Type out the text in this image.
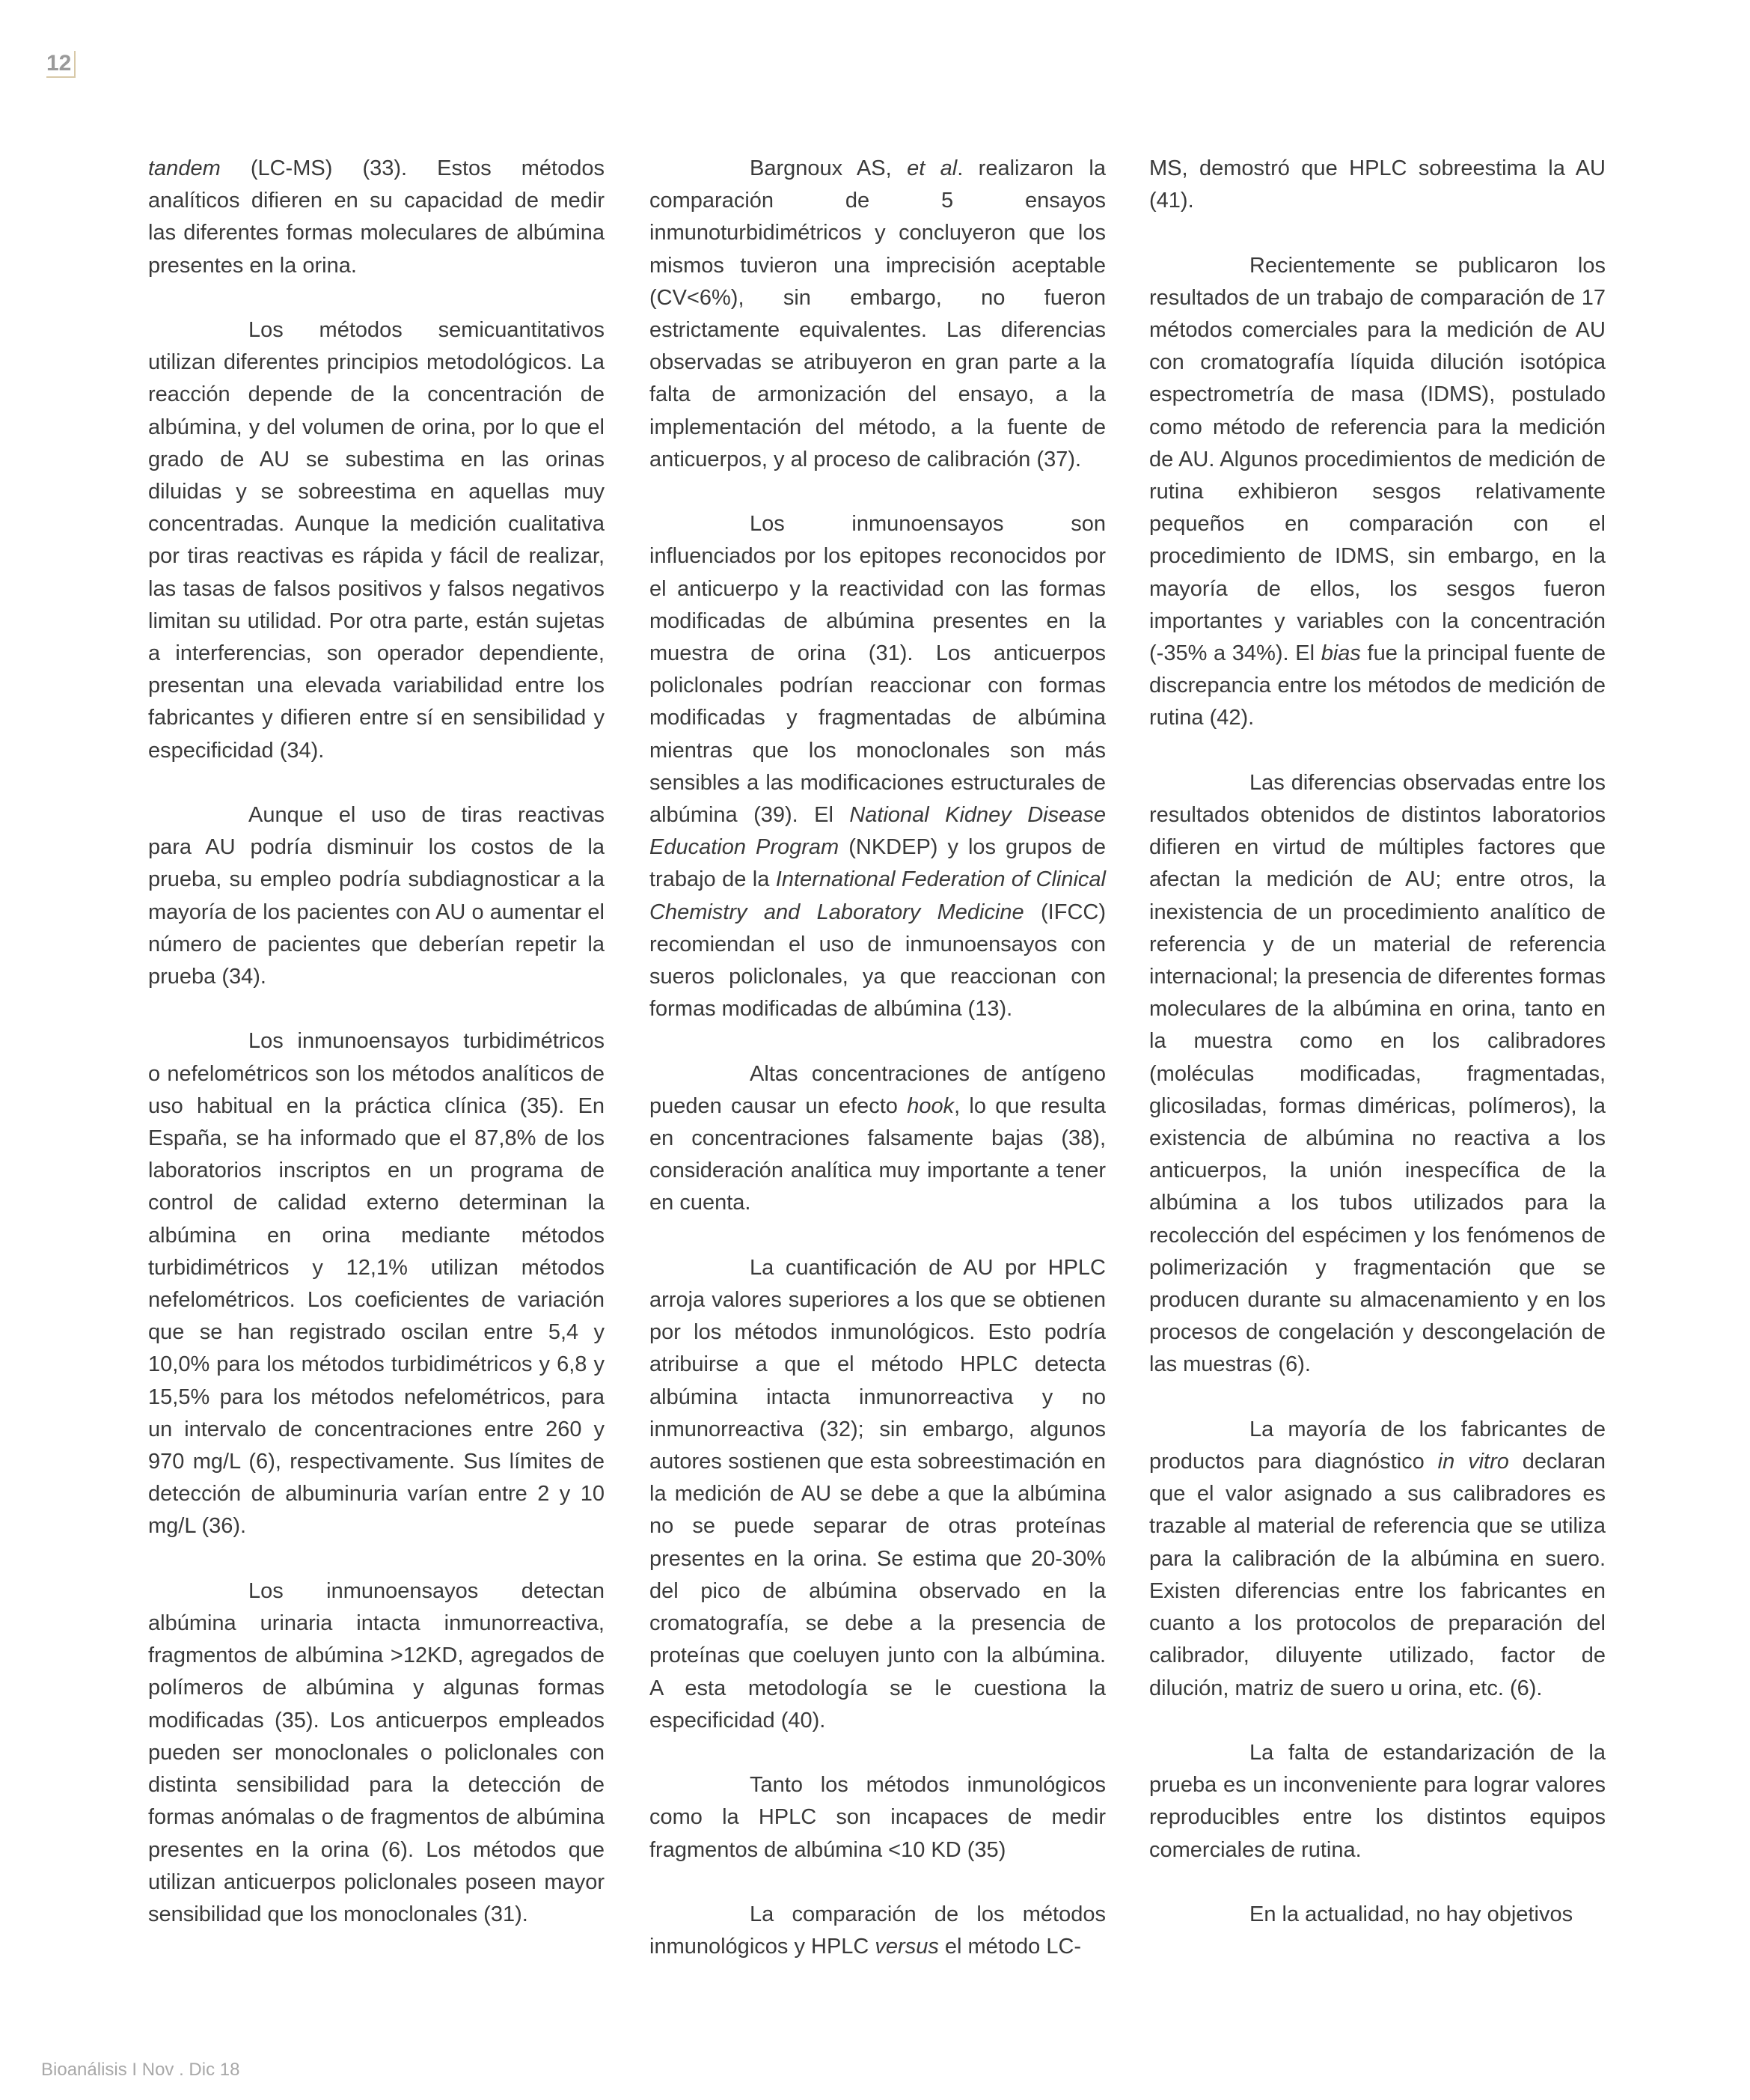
12

tandem (LC-MS) (33). Estos métodos analíticos difieren en su capacidad de medir las diferentes formas moleculares de albúmina presentes en la orina.

Los métodos semicuantitativos utilizan diferentes principios metodológicos. La reacción depende de la concentración de albúmina, y del volumen de orina, por lo que el grado de AU se subestima en las orinas diluidas y se sobreestima en aquellas muy concentradas. Aunque la medición cualitativa por tiras reactivas es rápida y fácil de realizar, las tasas de falsos positivos y falsos negativos limitan su utilidad. Por otra parte, están sujetas a interferencias, son operador dependiente, presentan una elevada variabilidad entre los fabricantes y difieren entre sí en sensibilidad y especificidad (34).

Aunque el uso de tiras reactivas para AU podría disminuir los costos de la prueba, su empleo podría subdiagnosticar a la mayoría de los pacientes con AU o aumentar el número de pacientes que deberían repetir la prueba (34).

Los inmunoensayos turbidimétricos o nefelométricos son los métodos analíticos de uso habitual en la práctica clínica (35). En España, se ha informado que el 87,8% de los laboratorios inscriptos en un programa de control de calidad externo determinan la albúmina en orina mediante métodos turbidimétricos y 12,1% utilizan métodos nefelométricos. Los coeficientes de variación que se han registrado oscilan entre 5,4 y 10,0% para los métodos turbidimétricos y 6,8 y 15,5% para los métodos nefelométricos, para un intervalo de concentraciones entre 260 y 970 mg/L (6), respectivamente. Sus límites de detección de albuminuria varían entre 2 y 10 mg/L (36).

Los inmunoensayos detectan albúmina urinaria intacta inmunorreactiva, fragmentos de albúmina >12KD, agregados de polímeros de albúmina y algunas formas modificadas (35). Los anticuerpos empleados pueden ser monoclonales o policlonales con distinta sensibilidad para la detección de formas anómalas o de fragmentos de albúmina presentes en la orina (6). Los métodos que utilizan anticuerpos policlonales poseen mayor sensibilidad que los monoclonales (31).

Bargnoux AS, et al. realizaron la comparación de 5 ensayos inmunoturbidimétricos y concluyeron que los mismos tuvieron una imprecisión aceptable (CV<6%), sin embargo, no fueron estrictamente equivalentes. Las diferencias observadas se atribuyeron en gran parte a la falta de armonización del ensayo, a la implementación del método, a la fuente de anticuerpos, y al proceso de calibración (37).

Los inmunoensayos son influenciados por los epitopes reconocidos por el anticuerpo y la reactividad con las formas modificadas de albúmina presentes en la muestra de orina (31). Los anticuerpos policlonales podrían reaccionar con formas modificadas y fragmentadas de albúmina mientras que los monoclonales son más sensibles a las modificaciones estructurales de albúmina (39). El National Kidney Disease Education Program (NKDEP) y los grupos de trabajo de la International Federation of Clinical Chemistry and Laboratory Medicine (IFCC) recomiendan el uso de inmunoensayos con sueros policlonales, ya que reaccionan con formas modificadas de albúmina (13).

Altas concentraciones de antígeno pueden causar un efecto hook, lo que resulta en concentraciones falsamente bajas (38), consideración analítica muy importante a tener en cuenta.

La cuantificación de AU por HPLC arroja valores superiores a los que se obtienen por los métodos inmunológicos. Esto podría atribuirse a que el método HPLC detecta albúmina intacta inmunorreactiva y no inmunorreactiva (32); sin embargo, algunos autores sostienen que esta sobreestimación en la medición de AU se debe a que la albúmina no se puede separar de otras proteínas presentes en la orina. Se estima que 20-30% del pico de albúmina observado en la cromatografía, se debe a la presencia de proteínas que coeluyen junto con la albúmina. A esta metodología se le cuestiona la especificidad (40).

Tanto los métodos inmunológicos como la HPLC son incapaces de medir fragmentos de albúmina <10 KD (35)

La comparación de los métodos inmunológicos y HPLC versus el método LC-

MS, demostró que HPLC sobreestima la AU (41).

Recientemente se publicaron los resultados de un trabajo de comparación de 17 métodos comerciales para la medición de AU con cromatografía líquida dilución isotópica espectrometría de masa (IDMS), postulado como método de referencia para la medición de AU. Algunos procedimientos de medición de rutina exhibieron sesgos relativamente pequeños en comparación con el procedimiento de IDMS, sin embargo, en la mayoría de ellos, los sesgos fueron importantes y variables con la concentración (-35% a 34%). El bias fue la principal fuente de discrepancia entre los métodos de medición de rutina (42).

Las diferencias observadas entre los resultados obtenidos de distintos laboratorios difieren en virtud de múltiples factores que afectan la medición de AU; entre otros, la inexistencia de un procedimiento analítico de referencia y de un material de referencia internacional; la presencia de diferentes formas moleculares de la albúmina en orina, tanto en la muestra como en los calibradores (moléculas modificadas, fragmentadas, glicosiladas, formas diméricas, polímeros), la existencia de albúmina no reactiva a los anticuerpos, la unión inespecífica de la albúmina a los tubos utilizados para la recolección del espécimen y los fenómenos de polimerización y fragmentación que se producen durante su almacenamiento y en los procesos de congelación y descongelación de las muestras (6).

La mayoría de los fabricantes de productos para diagnóstico in vitro declaran que el valor asignado a sus calibradores es trazable al material de referencia que se utiliza para la calibración de la albúmina en suero. Existen diferencias entre los fabricantes en cuanto a los protocolos de preparación del calibrador, diluyente utilizado, factor de dilución, matriz de suero u orina, etc. (6).

La falta de estandarización de la prueba es un inconveniente para lograr valores reproducibles entre los distintos equipos comerciales de rutina.

En la actualidad, no hay objetivos

Bioanálisis I Nov . Dic 18
